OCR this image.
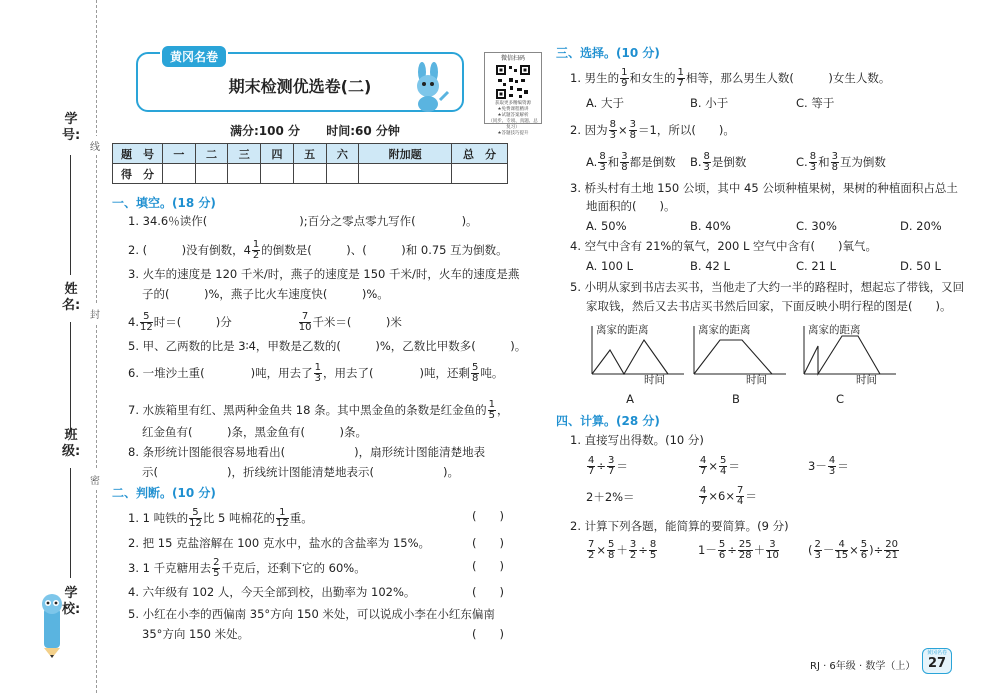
线
封
密
学号:
姓名:
班级:
学校:
黄冈名卷
期末检测优选卷(二)
微信扫码
获取更多精编资源
★免费课程精讲
★试题答案解析
（同步、专项、真题、总复习）
★答题技巧提升
满分:100 分 时间:60 分钟
题　号	一	二	三	四	五	六	附加题	总　分
得　分								
一、填空。(18 分)
1. 34.6％读作(　　　　　　　　);百分之零点零九写作(　　　　)。
2. (　　　)没有倒数，$4 \frac{1}{2}$ 的倒数是(　　　)、(　　　)和 0.75 互为倒数。
3. 火车的速度是 120 千米/时，燕子的速度是 150 千米/时，火车的速度是燕
子的(　　　)%，燕子比火车速度快(　　　)%。
4. $\frac{5}{12}$ 时＝(　　　)分	$\frac{7}{10}$ 千米＝(　　　)米
5. 甲、乙两数的比是 3∶4，甲数是乙数的(　　　)%，乙数比甲数多(　　　)。
6. 一堆沙土重(　　　　)吨，用去了 $\frac{1}{3}$ ，用去了(　　　　)吨，还剩 $\frac{5}{8}$ 吨。
7. 水族箱里有红、黑两种金鱼共 18 条。其中黑金鱼的条数是红金鱼的 $\frac{1}{5}$ ，
红金鱼有(　　　)条，黑金鱼有(　　　)条。
8. 条形统计图能很容易地看出(　　　　　　)，扇形统计图能清楚地表
示(　　　　　　)，折线统计图能清楚地表示(　　　　　　)。
二、判断。(10 分)
1. 1 吨铁的 $\frac{5}{12}$ 比 5 吨棉花的 $\frac{1}{12}$ 重。	(　　)
2. 把 15 克盐溶解在 100 克水中，盐水的含盐率为 15%。	(　　)
3. 1 千克糖用去 $\frac{2}{5}$ 千克后，还剩下它的 60%。	(　　)
4. 六年级有 102 人，今天全部到校，出勤率为 102%。	(　　)
5. 小红在小李的西偏南 35°方向 150 米处，可以说成小李在小红东偏南
35°方向 150 米处。	(　　)
三、选择。(10 分)
1. 男生的 $\frac{1}{9}$ 和女生的 $\frac{1}{7}$ 相等，那么男生人数(　　　)女生人数。
A. 大于	B. 小于	C. 等于
2. 因为 $\frac{8}{3} \times \frac{3}{8} =1$，所以(　　)。
A. $\frac{8}{3}$ 和 $\frac{3}{8}$ 都是倒数 B. $\frac{8}{3}$ 是倒数	C. $\frac{8}{3}$ 和 $\frac{3}{8}$ 互为倒数
3. 桥头村有土地 150 公顷，其中 45 公顷种植果树，果树的种植面积占总土
地面积的(　　)。
A. 50%	B. 40%	C. 30%	D. 20%
4. 空气中含有 21%的氧气，200 L 空气中含有(　　)氧气。
A. 100 L	B. 42 L	C. 21 L	D. 50 L
5. 小明从家到书店去买书，当他走了大约一半的路程时，想起忘了带钱，又回
家取钱，然后又去书店买书然后回家，下面反映小明行程的图是(　　)。
离家的距离
时间
离家的距离
时间
离家的距离
时间
A	B	C
四、计算。(28 分)
1. 直接写出得数。(10 分)
$\frac{4}{7} \div \frac{3}{7}$ ＝	$\frac{4}{7} \times \frac{5}{4}$ ＝	$3- \frac{4}{3}$ ＝
2＋2%＝	$\frac{4}{7} \times 6\times \frac{7}{4}$ ＝
2. 计算下列各题，能简算的要简算。(9 分)
$\frac{7}{2} \times \frac{5}{8} + \frac{3}{2} \div \frac{8}{5}$	$1- \frac{5}{6} \div \frac{25}{28} + \frac{3}{10}$	( $\frac{2}{3} - \frac{4}{15} \times \frac{5}{6}$ )÷ $\frac{20}{21}$
RJ · 6年级 · 数学（上）
黄冈名卷
27
